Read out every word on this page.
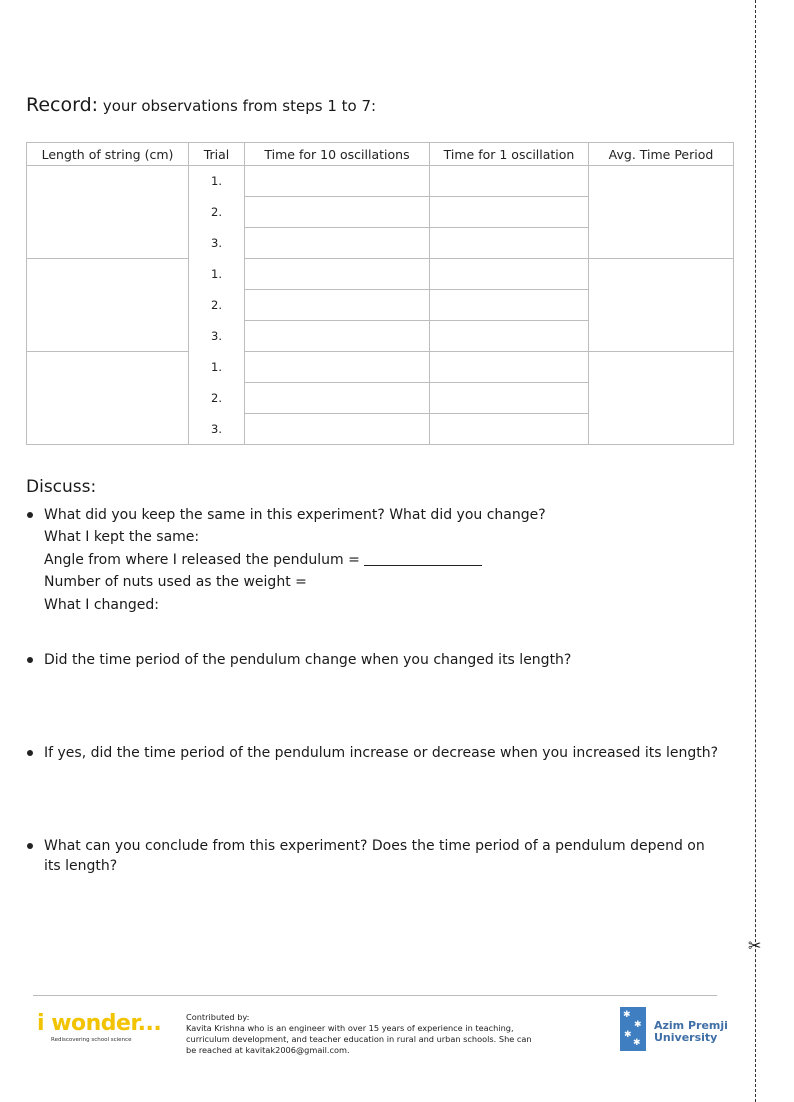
✂
Record: your observations from steps 1 to 7:
Length of string (cm)	Trial	Time for 10 oscillations	Time for 1 oscillation	Avg. Time Period
	1.			
	2.			
	3.			
	1.			
	2.			
	3.			
	1.			
	2.			
	3.			
Discuss:
What did you keep the same in this experiment? What did you change?
What I kept the same:
Angle from where I released the pendulum =
Number of nuts used as the weight =
What I changed:
Did the time period of the pendulum change when you changed its length?
If yes, did the time period of the pendulum increase or decrease when you increased its length?
What can you conclude from this experiment? Does the time period of a pendulum depend on
its length?
i wonder...
Rediscovering school science
Contributed by:
Kavita Krishna who is an engineer with over 15 years of experience in teaching,
curriculum development, and teacher education in rural and urban schools. She can
be reached at kavitak2006@gmail.com.
✱
✱
✱
✱
Azim Premji
University
